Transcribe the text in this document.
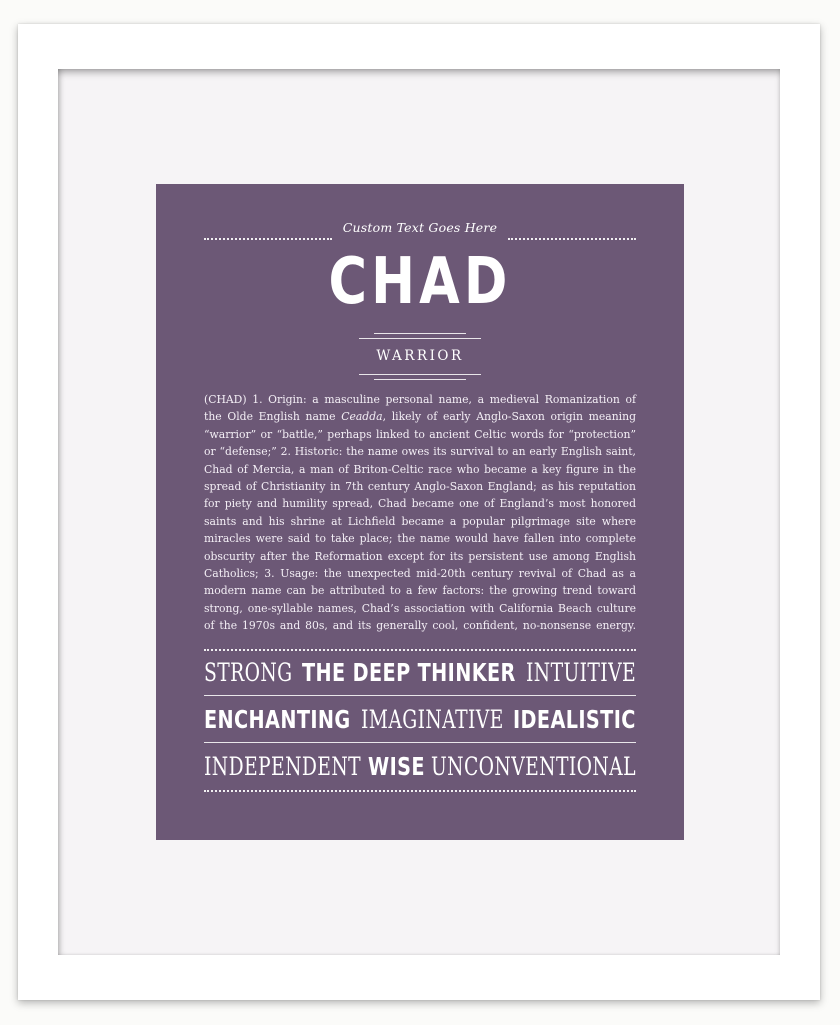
Custom Text Goes Here
CHAD
WARRIOR
(CHAD) 1. Origin: a masculine personal name, a medieval Romanization of
the Olde English name Ceadda, likely of early Anglo-Saxon origin meaning
“warrior” or “battle,” perhaps linked to ancient Celtic words for “protection”
or “defense;” 2. Historic: the name owes its survival to an early English saint,
Chad of Mercia, a man of Briton-Celtic race who became a key figure in the
spread of Christianity in 7th century Anglo-Saxon England; as his reputation
for piety and humility spread, Chad became one of England’s most honored
saints and his shrine at Lichfield became a popular pilgrimage site where
miracles were said to take place; the name would have fallen into complete
obscurity after the Reformation except for its persistent use among English
Catholics; 3. Usage: the unexpected mid-20th century revival of Chad as a
modern name can be attributed to a few factors: the growing trend toward
strong, one-syllable names, Chad’s association with California Beach culture
of the 1970s and 80s, and its generally cool, confident, no-nonsense energy.
STRONG THE DEEP THINKER INTUITIVE
ENCHANTING IMAGINATIVE IDEALISTIC
INDEPENDENT WISE UNCONVENTIONAL
